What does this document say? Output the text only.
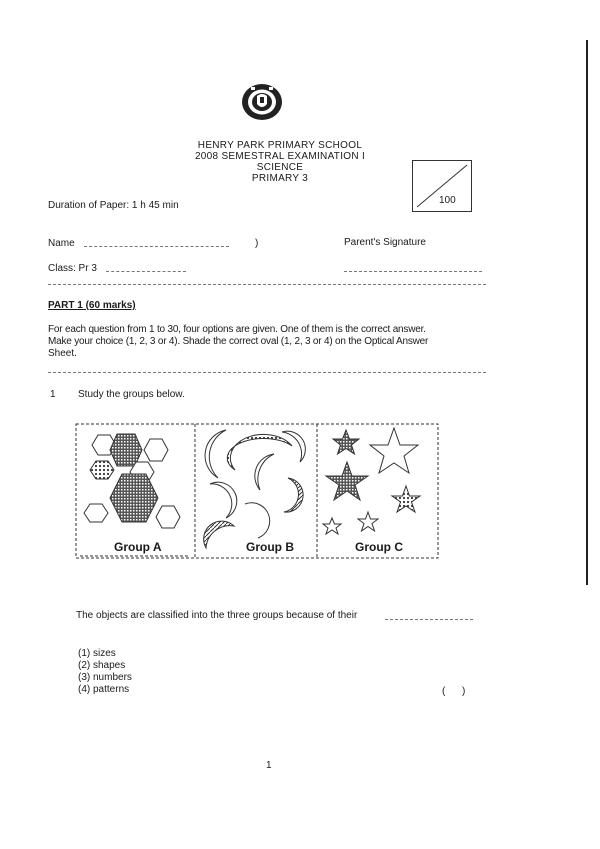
HENRY PARK PRIMARY SCHOOL
2008 SEMESTRAL EXAMINATION I
SCIENCE
PRIMARY 3
100
Duration of Paper: 1 h 45 min
Name	)	Parent's Signature
Class: Pr 3
PART 1 (60 marks)
For each question from 1 to 30, four options are given. One of them is the correct answer.
Make your choice (1, 2, 3 or 4). Shade the correct oval (1, 2, 3 or 4) on the Optical Answer
Sheet.
1 Study the groups below.
Group A	Group B	Group C
The objects are classified into the three groups because of their
(1) sizes
(2) shapes
(3) numbers
(4) patterns	(      )
1
